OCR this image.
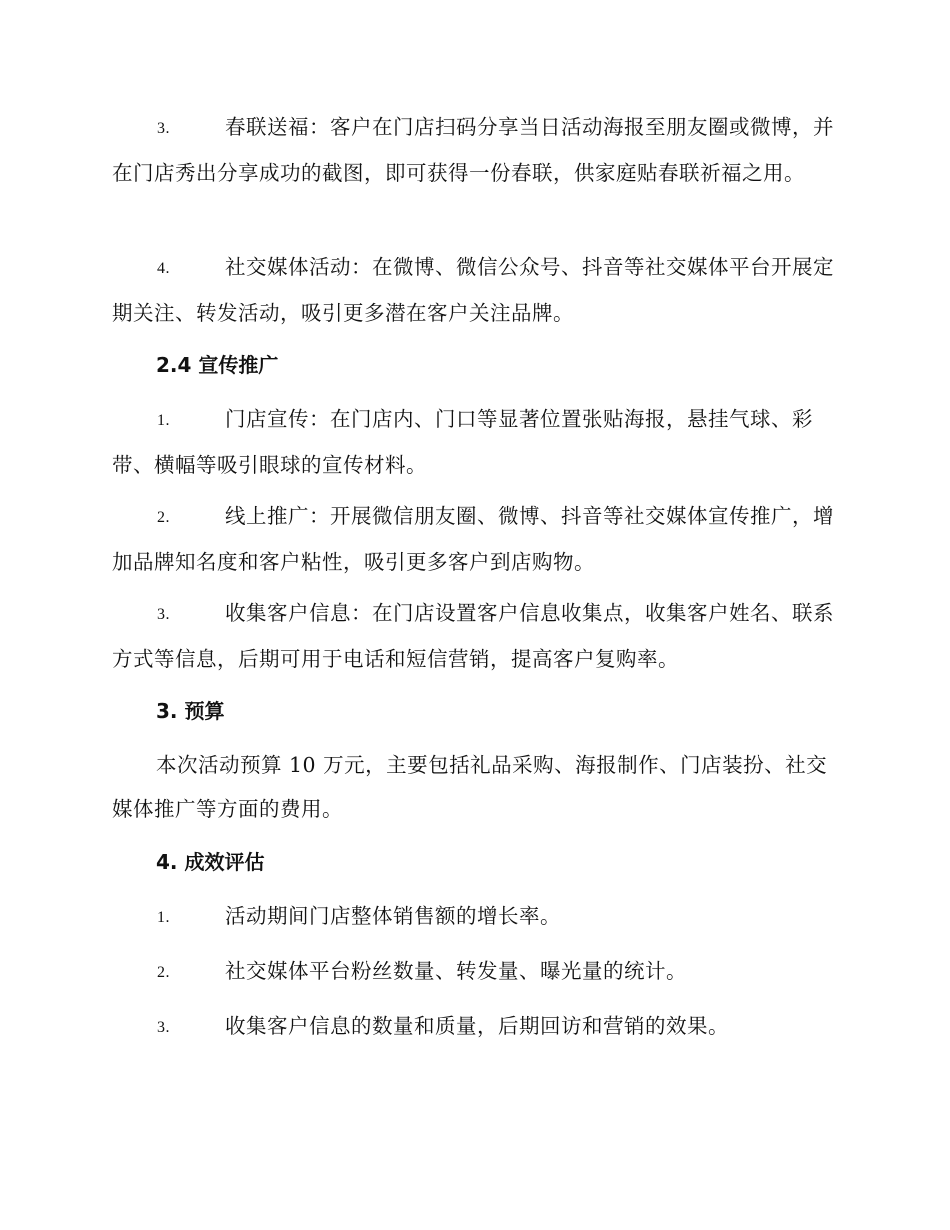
3.	春联送福：客户在门店扫码分享当日活动海报至朋友圈或微博，并在门店秀出分享成功的截图，即可获得一份春联，供家庭贴春联祈福之用。

4.	社交媒体活动：在微博、微信公众号、抖音等社交媒体平台开展定期关注、转发活动，吸引更多潜在客户关注品牌。

2.4 宣传推广

1.	门店宣传：在门店内、门口等显著位置张贴海报，悬挂气球、彩带、横幅等吸引眼球的宣传材料。

2.	线上推广：开展微信朋友圈、微博、抖音等社交媒体宣传推广，增加品牌知名度和客户粘性，吸引更多客户到店购物。

3.	收集客户信息：在门店设置客户信息收集点，收集客户姓名、联系方式等信息，后期可用于电话和短信营销，提高客户复购率。

3. 预算

本次活动预算 10 万元，主要包括礼品采购、海报制作、门店装扮、社交媒体推广等方面的费用。

4. 成效评估

1.	活动期间门店整体销售额的增长率。

2.	社交媒体平台粉丝数量、转发量、曝光量的统计。

3.	收集客户信息的数量和质量，后期回访和营销的效果。
